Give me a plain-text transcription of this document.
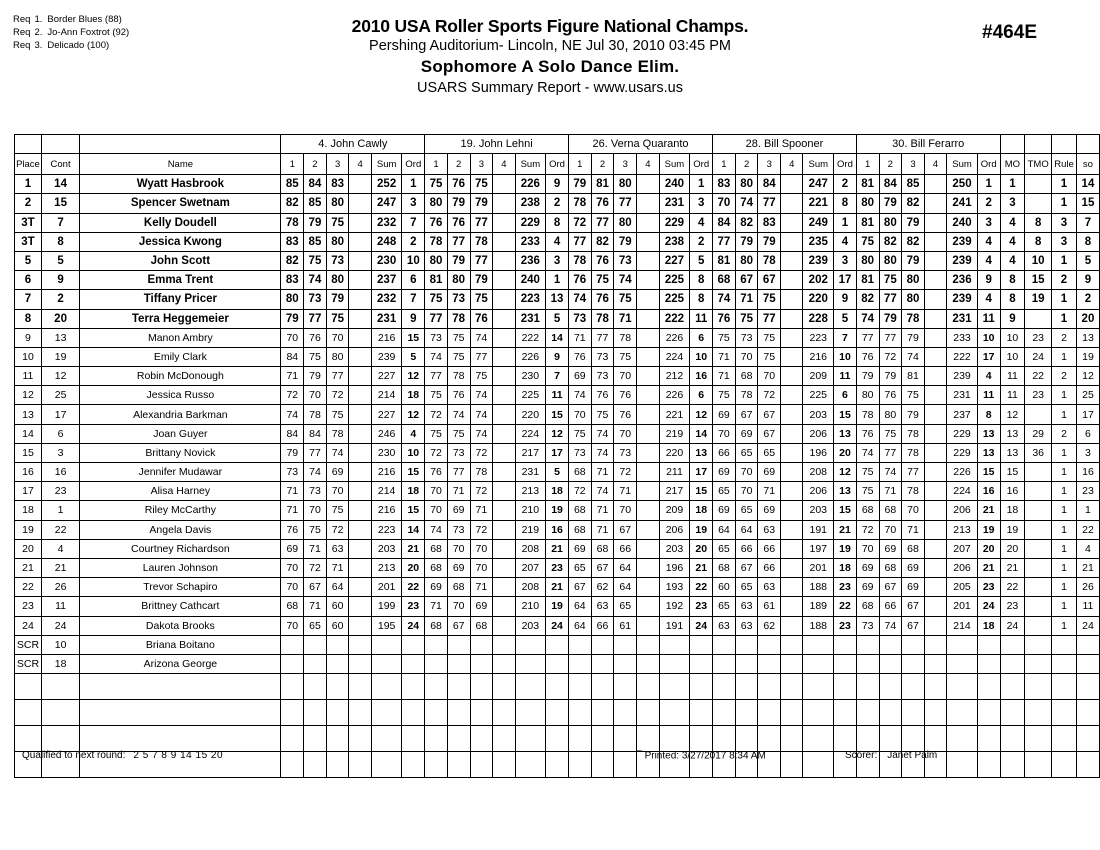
Req 1. Border Blues (88)
Req 2. Jo-Ann Foxtrot (92)
Req 3. Delicado (100)
2010 USA Roller Sports Figure National Champs.
Pershing Auditorium- Lincoln, NE Jul 30, 2010 03:45 PM
Sophomore A Solo Dance Elim.
USARS Summary Report - www.usars.us
#464E
			4. John Cawly						19. John Lehni						26. Verna Quaranto						28. Bill Spooner						30. Bill Ferarro									
Place	Cont	Name	1	2	3	4	Sum	Ord	1	2	3	4	Sum	Ord	1	2	3	4	Sum	Ord	1	2	3	4	Sum	Ord	1	2	3	4	Sum	Ord	MO	TMO	Rule	so
1	14	Wyatt Hasbrook	85	84	83		252	1	75	76	75		226	9	79	81	80		240	1	83	80	84		247	2	81	84	85		250	1	1		1	14
2	15	Spencer Swetnam	82	85	80		247	3	80	79	79		238	2	78	76	77		231	3	70	74	77		221	8	80	79	82		241	2	3		1	15
3T	7	Kelly Doudell	78	79	75		232	7	76	76	77		229	8	72	77	80		229	4	84	82	83		249	1	81	80	79		240	3	4	8	3	7
3T	8	Jessica Kwong	83	85	80		248	2	78	77	78		233	4	77	82	79		238	2	77	79	79		235	4	75	82	82		239	4	4	8	3	8
5	5	John Scott	82	75	73		230	10	80	79	77		236	3	78	76	73		227	5	81	80	78		239	3	80	80	79		239	4	4	10	1	5
6	9	Emma Trent	83	74	80		237	6	81	80	79		240	1	76	75	74		225	8	68	67	67		202	17	81	75	80		236	9	8	15	2	9
7	2	Tiffany Pricer	80	73	79		232	7	75	73	75		223	13	74	76	75		225	8	74	71	75		220	9	82	77	80		239	4	8	19	1	2
8	20	Terra Heggemeier	79	77	75		231	9	77	78	76		231	5	73	78	71		222	11	76	75	77		228	5	74	79	78		231	11	9		1	20
9	13	Manon Ambry	70	76	70		216	15	73	75	74		222	14	71	77	78		226	6	75	73	75		223	7	77	77	79		233	10	10	23	2	13
10	19	Emily Clark	84	75	80		239	5	74	75	77		226	9	76	73	75		224	10	71	70	75		216	10	76	72	74		222	17	10	24	1	19
11	12	Robin McDonough	71	79	77		227	12	77	78	75		230	7	69	73	70		212	16	71	68	70		209	11	79	79	81		239	4	11	22	2	12
12	25	Jessica Russo	72	70	72		214	18	75	76	74		225	11	74	76	76		226	6	75	78	72		225	6	80	76	75		231	11	11	23	1	25
13	17	Alexandria Barkman	74	78	75		227	12	72	74	74		220	15	70	75	76		221	12	69	67	67		203	15	78	80	79		237	8	12		1	17
14	6	Joan Guyer	84	84	78		246	4	75	75	74		224	12	75	74	70		219	14	70	69	67		206	13	76	75	78		229	13	13	29	2	6
15	3	Brittany Novick	79	77	74		230	10	72	73	72		217	17	73	74	73		220	13	66	65	65		196	20	74	77	78		229	13	13	36	1	3
16	16	Jennifer Mudawar	73	74	69		216	15	76	77	78		231	5	68	71	72		211	17	69	70	69		208	12	75	74	77		226	15	15		1	16
17	23	Alisa Harney	71	73	70		214	18	70	71	72		213	18	72	74	71		217	15	65	70	71		206	13	75	71	78		224	16	16		1	23
18	1	Riley McCarthy	71	70	75		216	15	70	69	71		210	19	68	71	70		209	18	69	65	69		203	15	68	68	70		206	21	18		1	1
19	22	Angela Davis	76	75	72		223	14	74	73	72		219	16	68	71	67		206	19	64	64	63		191	21	72	70	71		213	19	19		1	22
20	4	Courtney Richardson	69	71	63		203	21	68	70	70		208	21	69	68	66		203	20	65	66	66		197	19	70	69	68		207	20	20		1	4
21	21	Lauren Johnson	70	72	71		213	20	68	69	70		207	23	65	67	64		196	21	68	67	66		201	18	69	68	69		206	21	21		1	21
22	26	Trevor Schapiro	70	67	64		201	22	69	68	71		208	21	67	62	64		193	22	60	65	63		188	23	69	67	69		205	23	22		1	26
23	11	Brittney Cathcart	68	71	60		199	23	71	70	69		210	19	64	63	65		192	23	65	63	61		189	22	68	66	67		201	24	23		1	11
24	24	Dakota Brooks	70	65	60		195	24	68	67	68		203	24	64	66	61		191	24	63	63	62		188	23	73	74	67		214	18	24		1	24
SCR	10	Briana Boitano																																		
SCR	18	Arizona George																																		

Qualified to next round: 2 5 7 8 9 14 15 20	**** Printed: 3/27/2017 8:34 AM	Scorer: Janet Palm
